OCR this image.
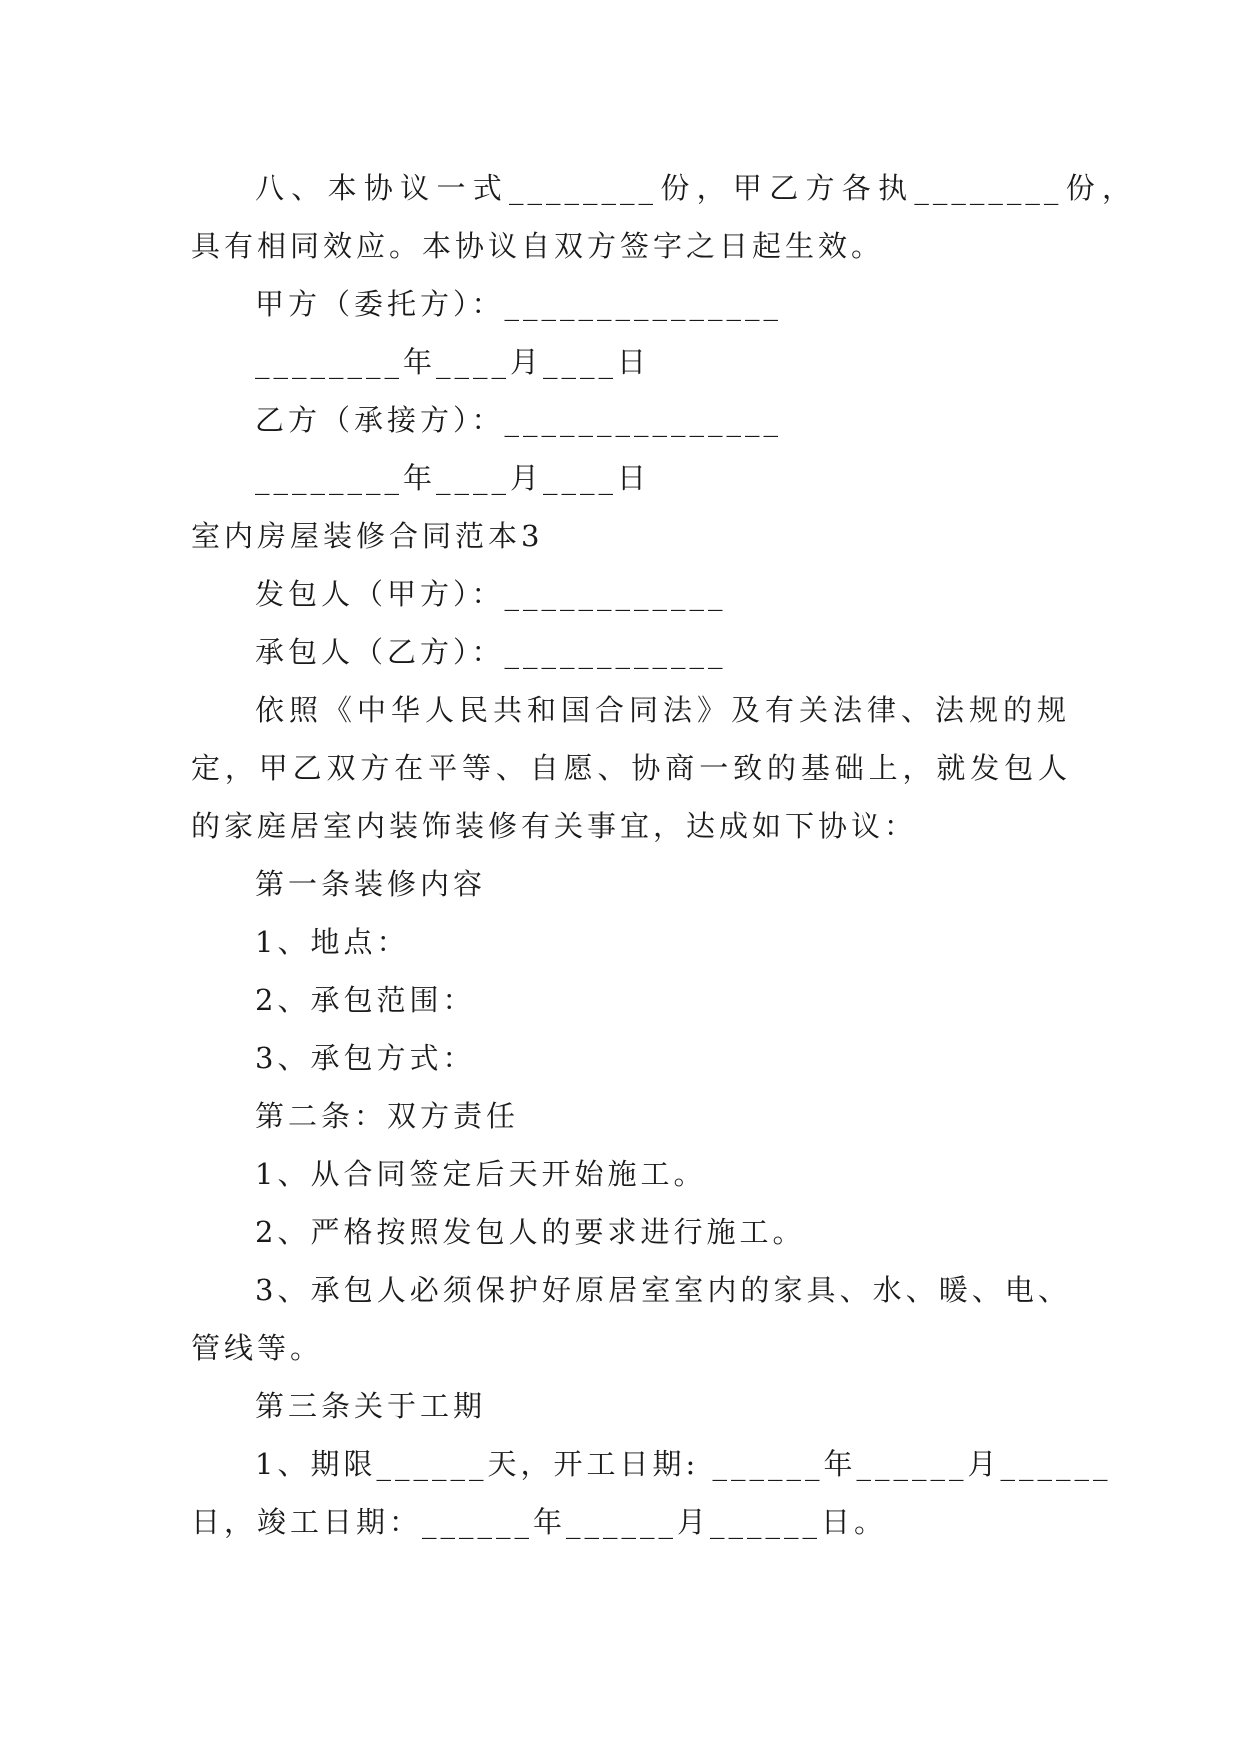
八、本协议一式________份，甲乙方各执________份，
具有相同效应。本协议自双方签字之日起生效。
甲方（委托方）：_______________
________年____月____日
乙方（承接方）：_______________
________年____月____日
室内房屋装修合同范本3
发包人（甲方）：____________
承包人（乙方）：____________
依照《中华人民共和国合同法》及有关法律、法规的规
定，甲乙双方在平等、自愿、协商一致的基础上，就发包人
的家庭居室内装饰装修有关事宜，达成如下协议：
第一条装修内容
1、地点：
2、承包范围：
3、承包方式：
第二条：双方责任
1、从合同签定后天开始施工。
2、严格按照发包人的要求进行施工。
3、承包人必须保护好原居室室内的家具、水、暖、电、
管线等。
第三条关于工期
1、期限______天，开工日期: ______年______月______
日，竣工日期：______年______月______日。
